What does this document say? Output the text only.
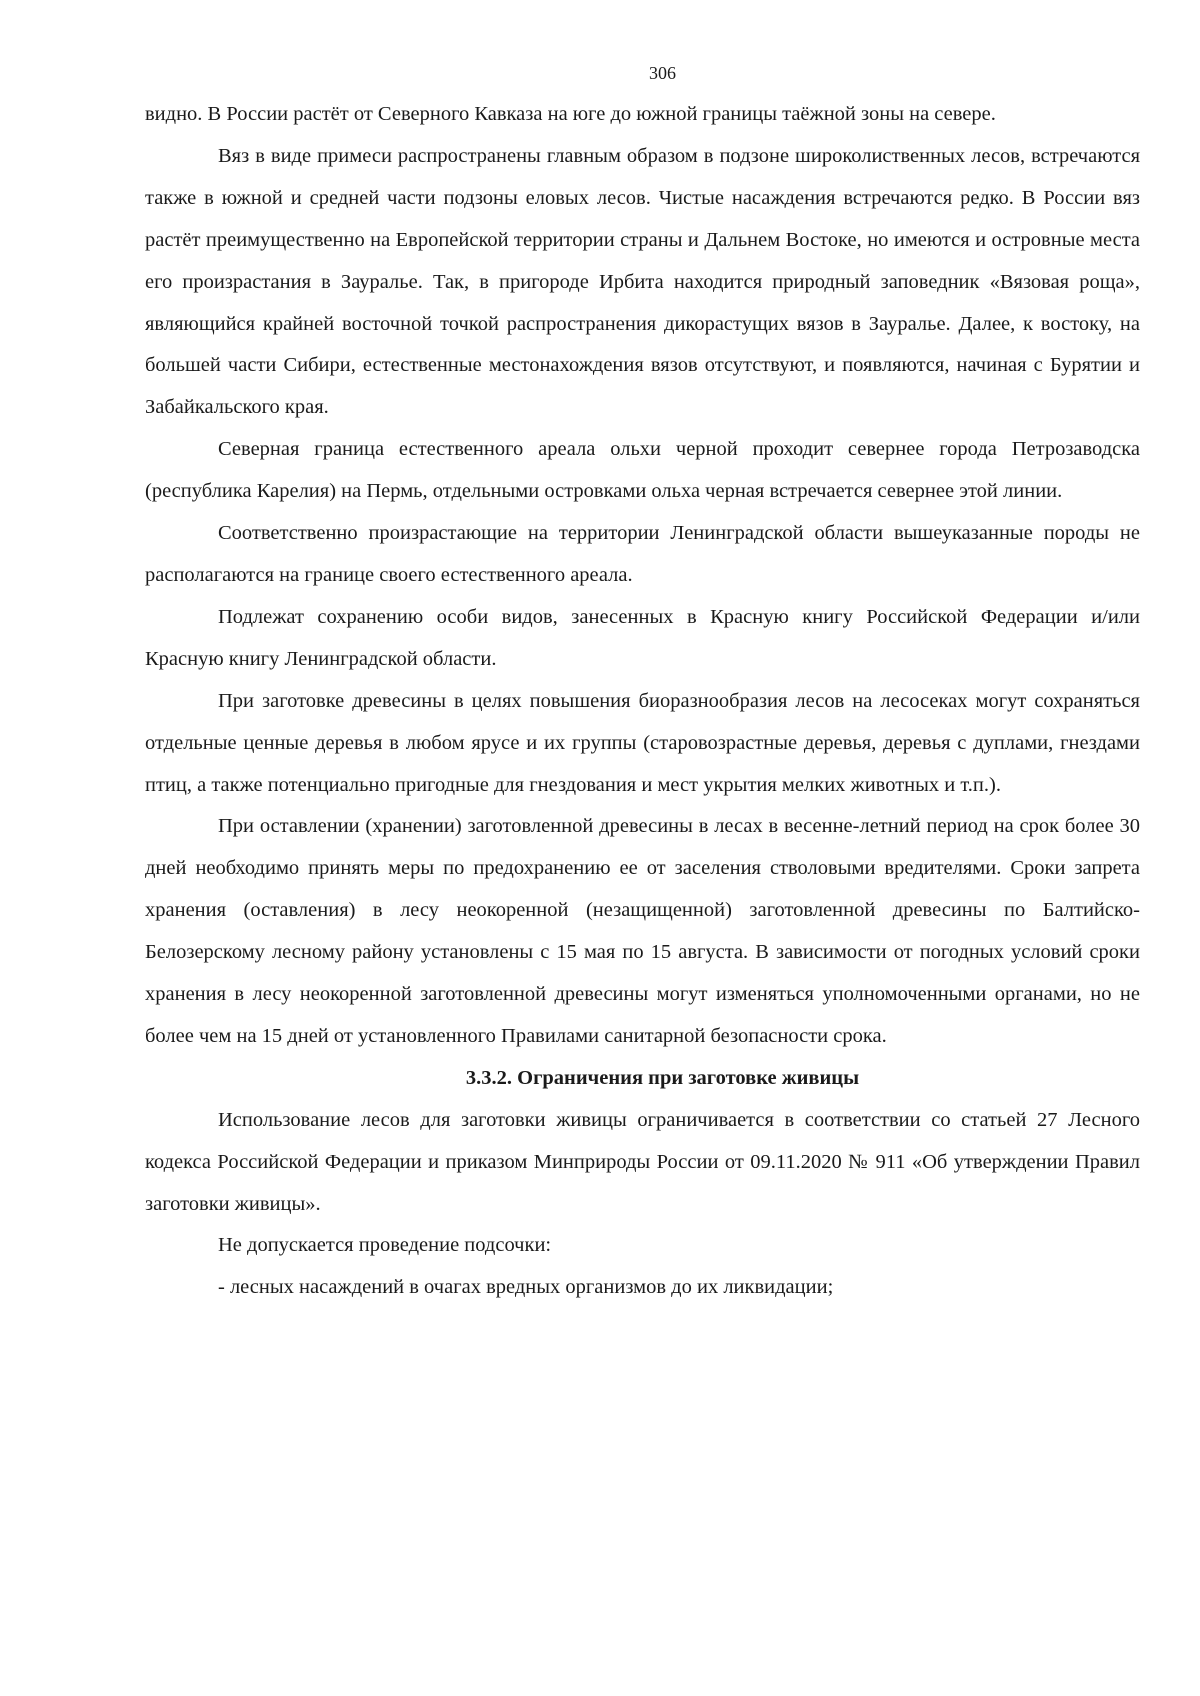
306

видно. В России растёт от Северного Кавказа на юге до южной границы таёжной зоны на севере.

Вяз в виде примеси распространены главным образом в подзоне широколиственных лесов, встречаются также в южной и средней части подзоны еловых лесов. Чистые насаждения встречаются редко. В России вяз растёт преимущественно на Европейской территории страны и Дальнем Востоке, но имеются и островные места его произрастания в Зауралье. Так, в пригороде Ирбита находится природный заповедник «Вязовая роща», являющийся крайней восточной точкой распространения дикорастущих вязов в Зауралье. Далее, к востоку, на большей части Сибири, естественные местонахождения вязов отсутствуют, и появляются, начиная с Бурятии и Забайкальского края.

Северная граница естественного ареала ольхи черной проходит севернее города Петрозаводска (республика Карелия) на Пермь, отдельными островками ольха черная встречается севернее этой линии.

Соответственно произрастающие на территории Ленинградской области вышеуказанные породы не располагаются на границе своего естественного ареала.

Подлежат сохранению особи видов, занесенных в Красную книгу Российской Федерации и/или Красную книгу Ленинградской области.

При заготовке древесины в целях повышения биоразнообразия лесов на лесосеках могут сохраняться отдельные ценные деревья в любом ярусе и их группы (старовозрастные деревья, деревья с дуплами, гнездами птиц, а также потенциально пригодные для гнездования и мест укрытия мелких животных и т.п.).

При оставлении (хранении) заготовленной древесины в лесах в весенне-летний период на срок более 30 дней необходимо принять меры по предохранению ее от заселения стволовыми вредителями. Сроки запрета хранения (оставления) в лесу неокоренной (незащищенной) заготовленной древесины по Балтийско-Белозерскому лесному району установлены с 15 мая по 15 августа. В зависимости от погодных условий сроки хранения в лесу неокоренной заготовленной древесины могут изменяться уполномоченными органами, но не более чем на 15 дней от установленного Правилами санитарной безопасности срока.

3.3.2. Ограничения при заготовке живицы

Использование лесов для заготовки живицы ограничивается в соответствии со статьей 27 Лесного кодекса Российской Федерации и приказом Минприроды России от 09.11.2020 № 911 «Об утверждении Правил заготовки живицы».

Не допускается проведение подсочки:

- лесных насаждений в очагах вредных организмов до их ликвидации;
